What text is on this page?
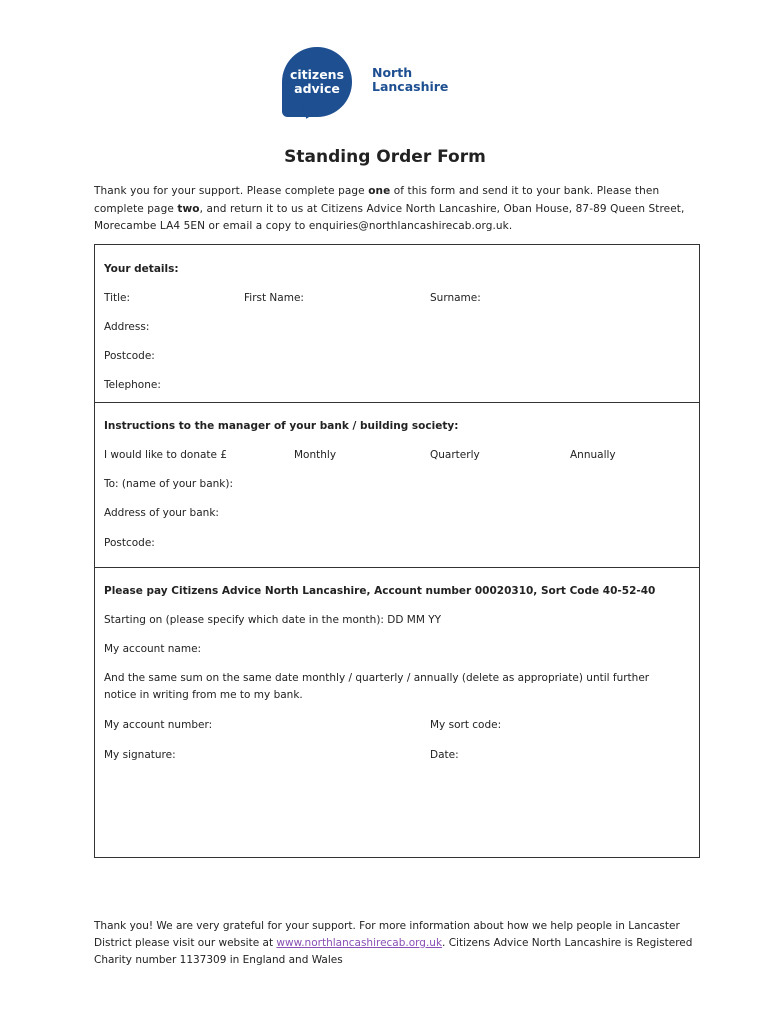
citizens
advice
North
Lancashire
Standing Order Form
Thank you for your support. Please complete page one of this form and send it to your bank. Please then complete page two, and return it to us at Citizens Advice North Lancashire, Oban House, 87-89 Queen Street, Morecambe LA4 5EN or email a copy to enquiries@northlancashirecab.org.uk.
Your details:
Title:	First Name:	Surname:
Address:
Postcode:
Telephone:
Instructions to the manager of your bank / building society:
I would like to donate £	Monthly	Quarterly	Annually
To: (name of your bank):
Address of your bank:
Postcode:
Please pay Citizens Advice North Lancashire, Account number 00020310, Sort Code 40-52-40
Starting on (please specify which date in the month): DD MM YY
My account name:
And the same sum on the same date monthly / quarterly / annually (delete as appropriate) until further
notice in writing from me to my bank.
My account number:	My sort code:
My signature:	Date:
Thank you! We are very grateful for your support. For more information about how we help people in Lancaster District please visit our website at www.northlancashirecab.org.uk. Citizens Advice North Lancashire is Registered Charity number 1137309 in England and Wales
